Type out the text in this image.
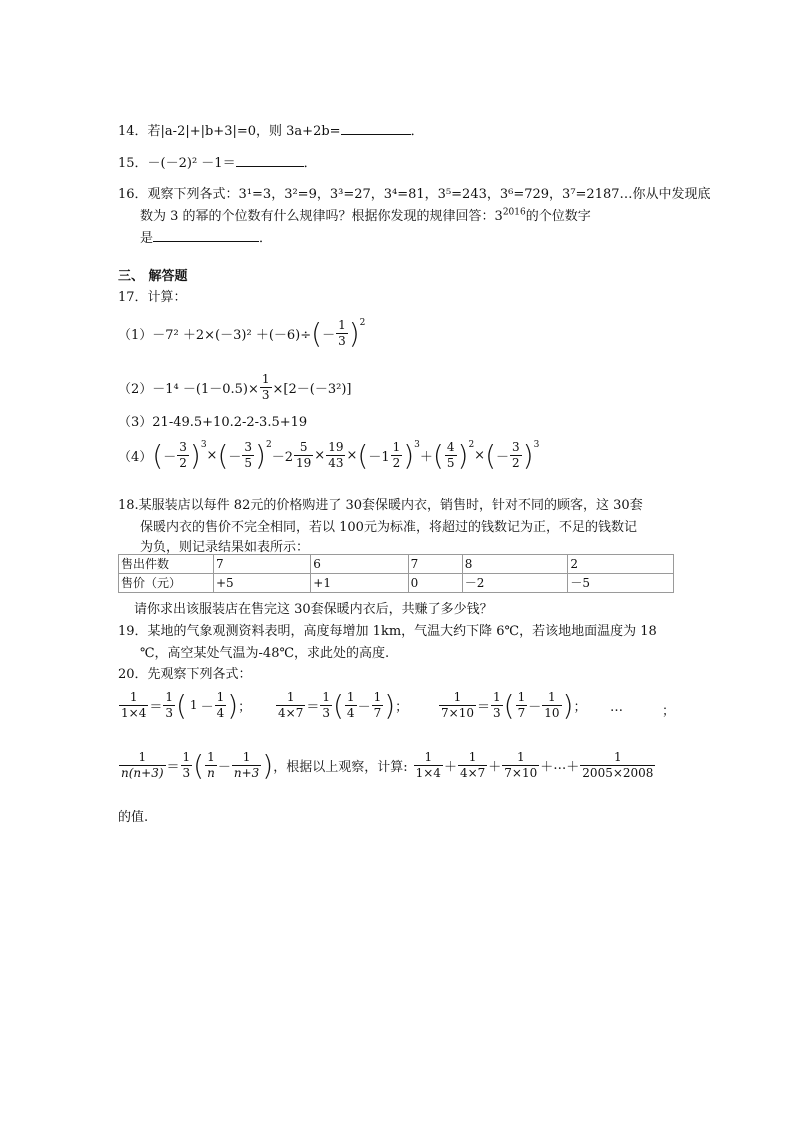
14．若|a-2|+|b+3|=0，则 3a+2b=	．
15．－(－2)² －1＝	．
16．观察下列各式：3¹=3，3²=9，3³=27，3⁴=81，3⁵=243，3⁶=729，3⁷=2187…你从中发现底
数为 3 的幂的个位数有什么规律吗？根据你发现的规律回答：$3^{2016}$的个位数字
是	．
三、 解答题
17．计算：
（1） －7² ＋2×(－3)² ＋(－6)÷ ( － $\frac{1}{3}$ ) 2
$(2) -1^4 -(1-0.5)\times \frac{1}{3} \times[2-(-3^2)]$
（3）21-49.5+10.2-2-3.5+19
（4） ( － $\frac{3}{2}$ ) 3
× ( － $\frac{3}{5}$ ) 2
$-2 \frac{5}{19} \times \frac{19}{43}$ × ( $-1 \frac{1}{2}$ ) 3
＋ ( $\frac{4}{5}$ ) 2
× ( － $\frac{3}{2}$ ) 3
18.某服装店以每件 82元的价格购进了 30套保暖内衣，销售时，针对不同的顾客，这 30套
保暖内衣的售价不完全相同，若以 100元为标准，将超过的钱数记为正，不足的钱数记
为负，则记录结果如表所示：
售出件数	7	6	7	8	2
售价（元）	+5	+1	0	－2	－5
请你求出该服装店在售完这 30套保暖内衣后，共赚了多少钱？
19．某地的气象观测资料表明，高度每增加 1km，气温大约下降 6℃，若该地地面温度为 18
℃，高空某处气温为-48℃，求此处的高度.
20．先观察下列各式：
$\frac{1}{1\times 4} = \frac{1}{3}$ ( $1 - \frac{1}{4}$ ) ； $\frac{1}{4\times 7} = \frac{1}{3}$ ( $\frac{1}{4} - \frac{1}{7}$ ) ；	$\frac{1}{7\times 10} = \frac{1}{3}$ ( $\frac{1}{7} - \frac{1}{10}$ ) ； …	；
$\frac{1}{n(n+3)} = \frac{1}{3}$ ( $\frac{1}{n} - \frac{1}{n+3}$ ) ，根据以上观察，计算: $\frac{1}{1\times 4} + \frac{1}{4\times 7} + \frac{1}{7\times 10}$ ＋ … ＋ $\frac{1}{2005\times 2008}$
的值.
